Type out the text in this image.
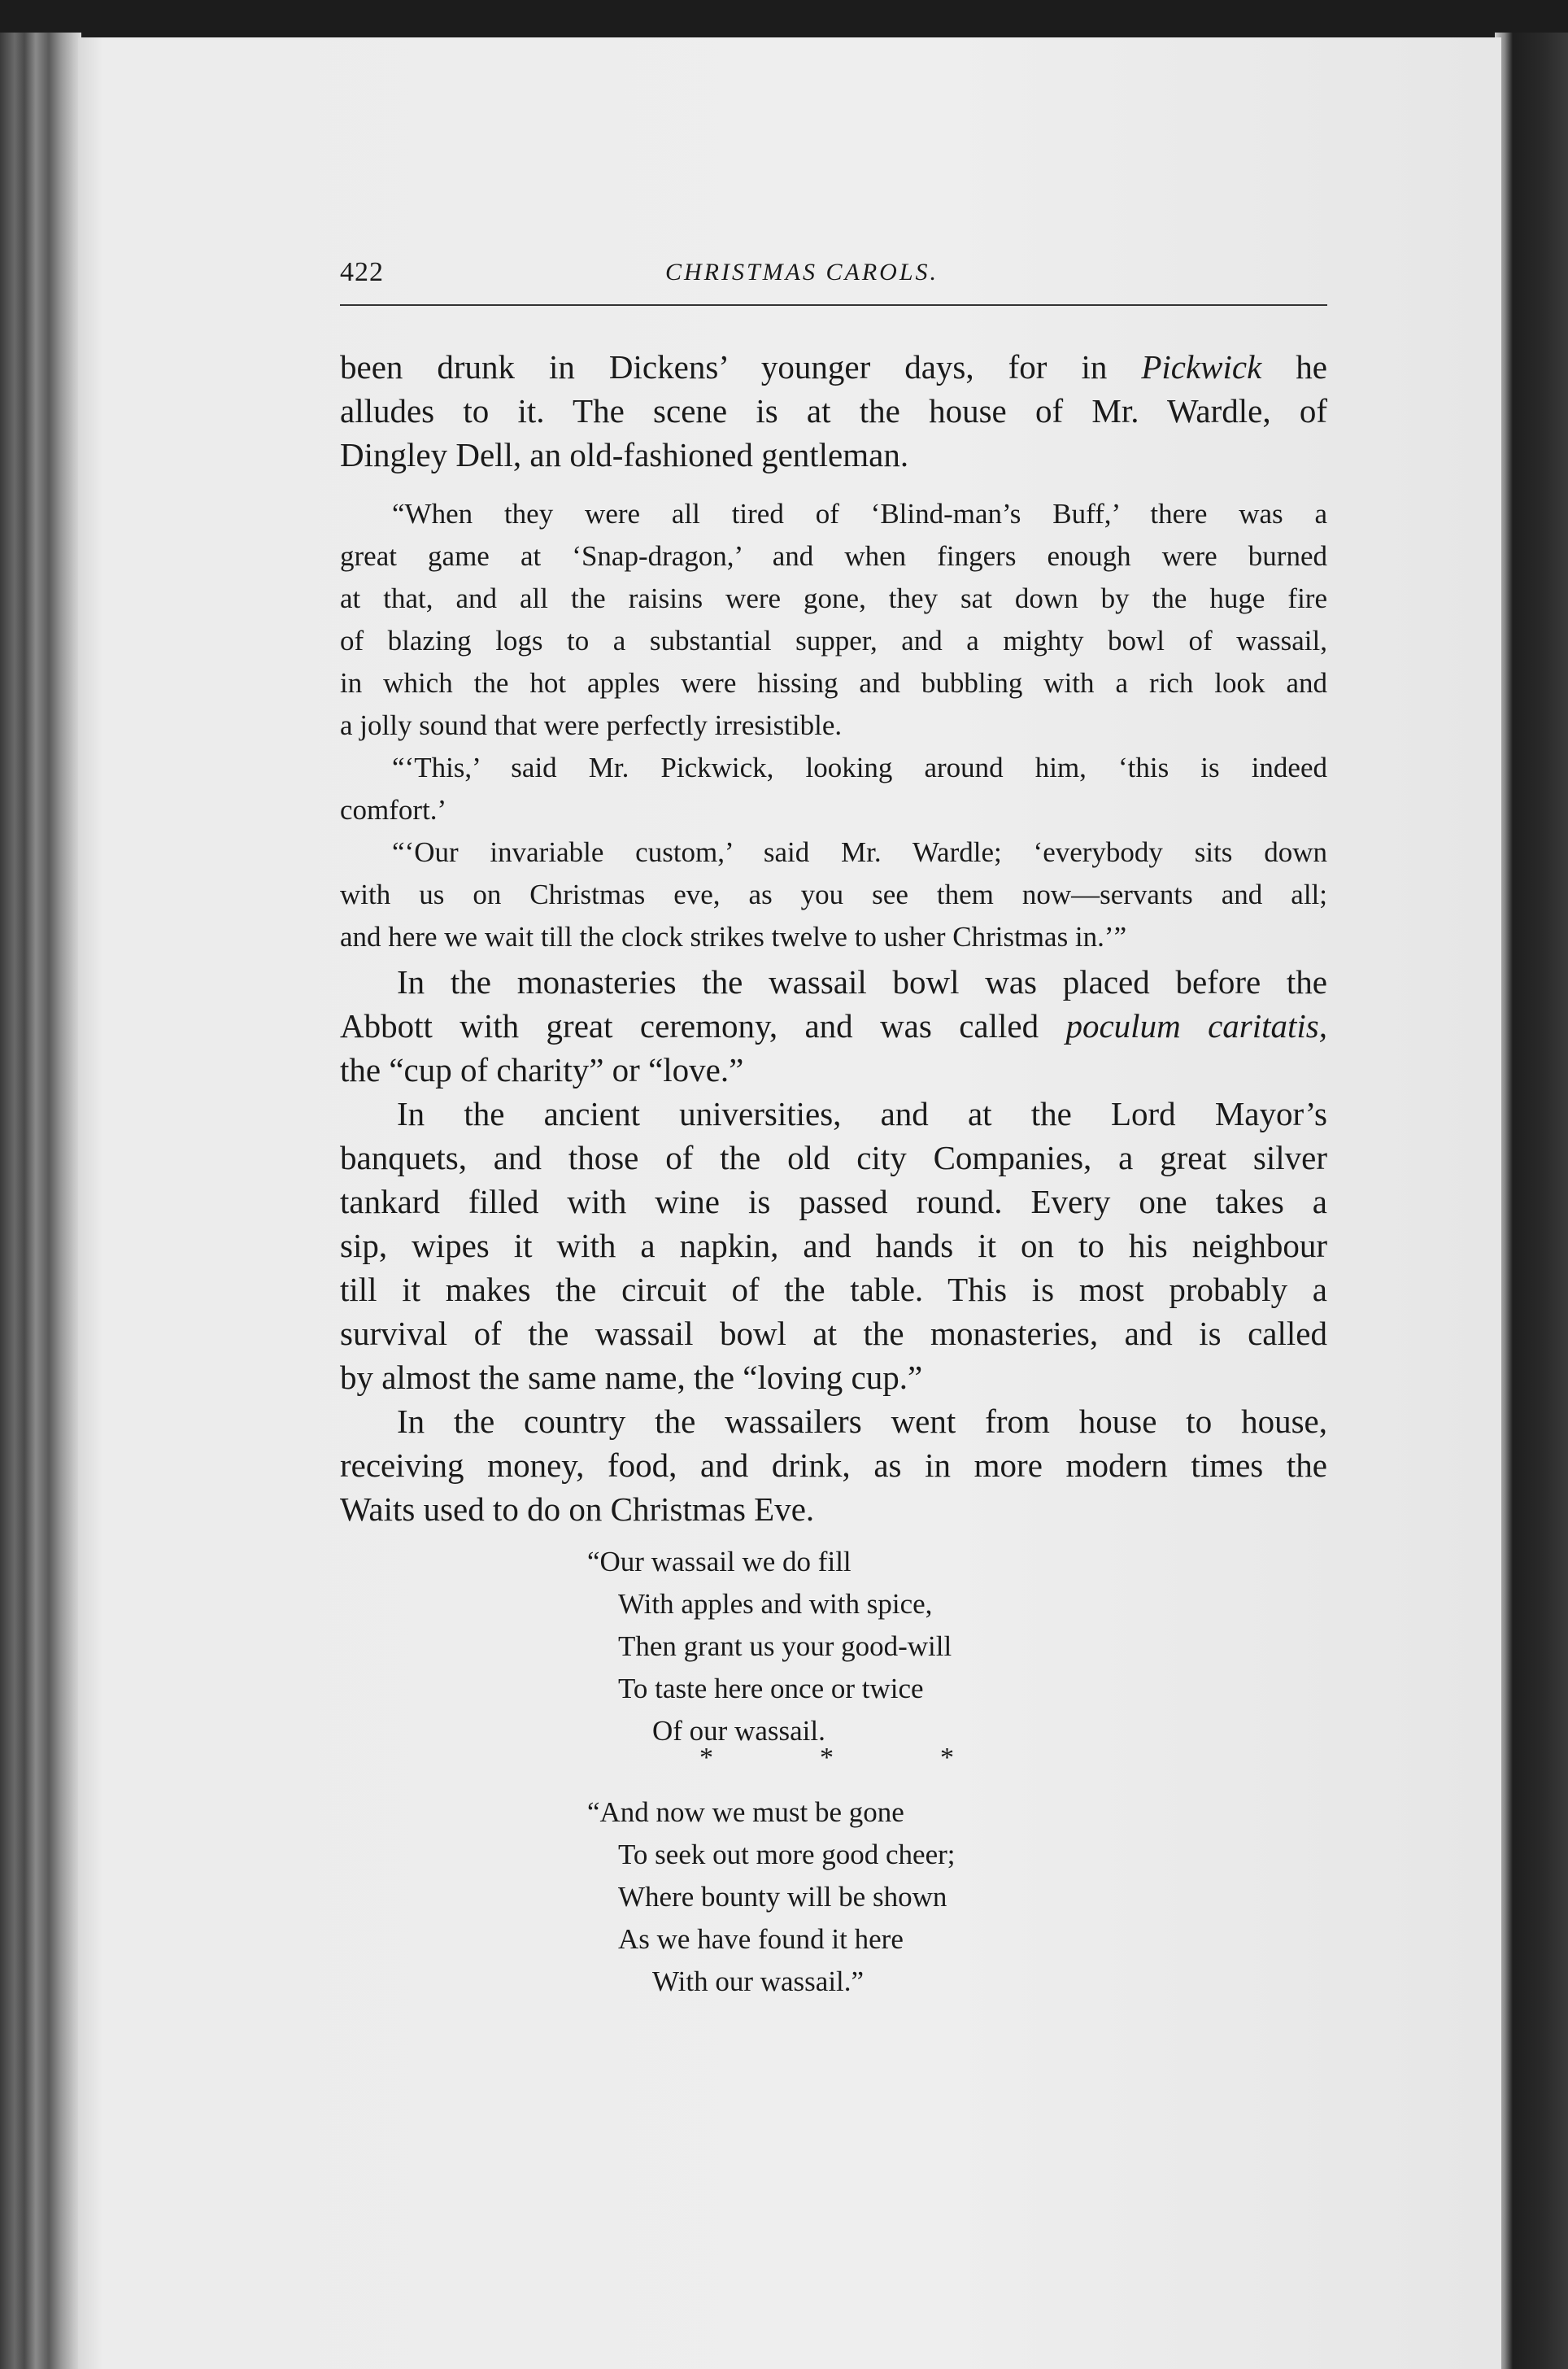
422	CHRISTMAS CAROLS.
been drunk in Dickens’ younger days, for in Pickwick he
alludes to it. The scene is at the house of Mr. Wardle, of
Dingley Dell, an old-fashioned gentleman.
“When they were all tired of ‘Blind-man’s Buff,’ there was a
great game at ‘Snap-dragon,’ and when fingers enough were burned
at that, and all the raisins were gone, they sat down by the huge fire
of blazing logs to a substantial supper, and a mighty bowl of wassail,
in which the hot apples were hissing and bubbling with a rich look and
a jolly sound that were perfectly irresistible.
“‘This,’ said Mr. Pickwick, looking around him, ‘this is indeed
comfort.’
“‘Our invariable custom,’ said Mr. Wardle; ‘everybody sits down
with us on Christmas eve, as you see them now—servants and all;
and here we wait till the clock strikes twelve to usher Christmas in.’”
In the monasteries the wassail bowl was placed before the
Abbott with great ceremony, and was called poculum caritatis,
the “cup of charity” or “love.”
In the ancient universities, and at the Lord Mayor’s
banquets, and those of the old city Companies, a great silver
tankard filled with wine is passed round. Every one takes a
sip, wipes it with a napkin, and hands it on to his neighbour
till it makes the circuit of the table. This is most probably a
survival of the wassail bowl at the monasteries, and is called
by almost the same name, the “loving cup.”
In the country the wassailers went from house to house,
receiving money, food, and drink, as in more modern times the
Waits used to do on Christmas Eve.
“Our wassail we do fill
With apples and with spice,
Then grant us your good-will
To taste here once or twice
Of our wassail.
*	*	*
“And now we must be gone
To seek out more good cheer;
Where bounty will be shown
As we have found it here
With our wassail.”
